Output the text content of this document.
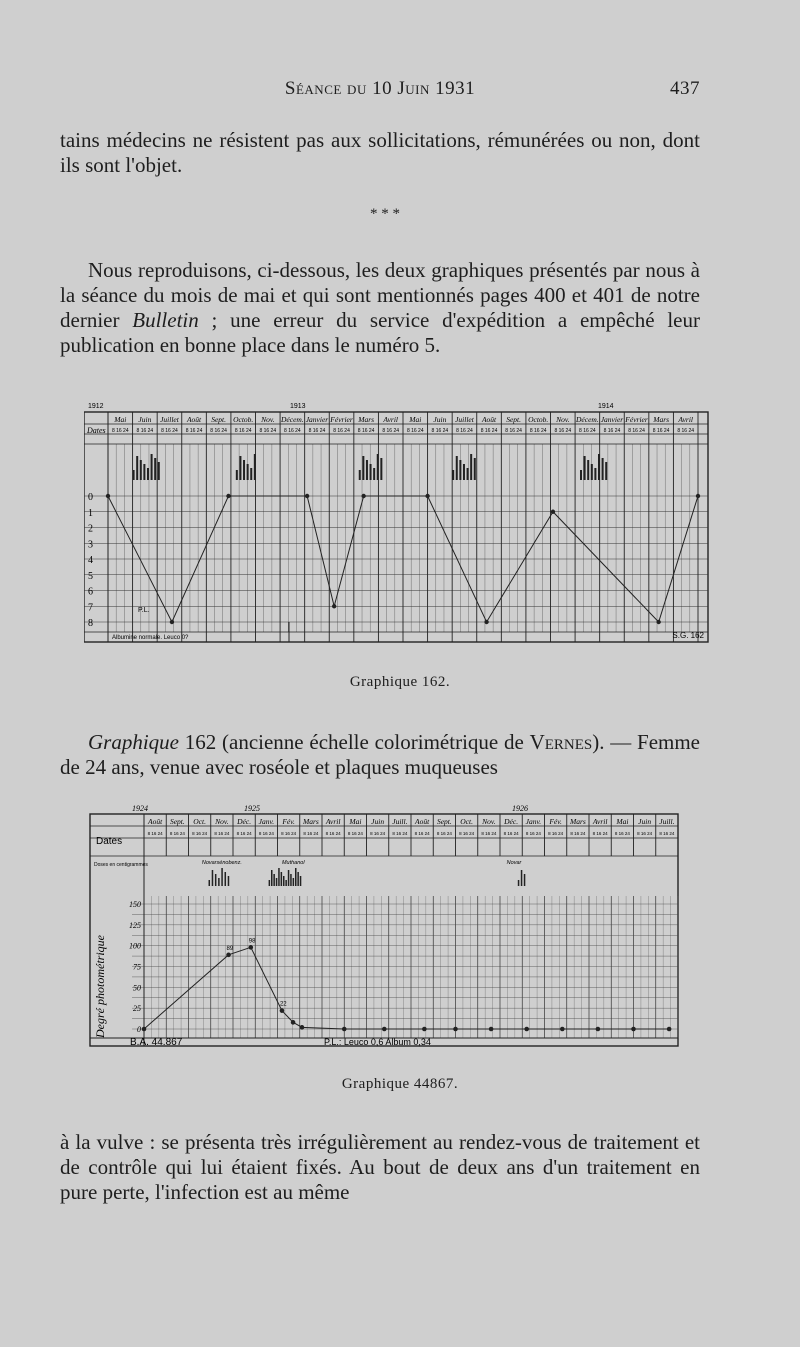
Séance du 10 Juin 1931	437

tains médecins ne résistent pas aux sollicitations, rémunérées ou non, dont ils sont l'objet.

* * *

Nous reproduisons, ci-dessous, les deux graphiques présentés par nous à la séance du mois de mai et qui sont mentionnés pages 400 et 401 de notre dernier Bulletin ; une erreur du service d'expédition a empêché leur publication en bonne place dans le numéro 5.

1912	1913	1914
Dates
Mai
8 16 24
Juin
8 16 24
Juillet
8 16 24
Août
8 16 24
Sept.
8 16 24
Octob.
8 16 24
Nov.
8 16 24
Décem.
8 16 24
Janvier
8 16 24
Février
8 16 24
Mars
8 16 24
Avril
8 16 24
Mai
8 16 24
Juin
8 16 24
Juillet
8 16 24
Août
8 16 24
Sept.
8 16 24
Octob.
8 16 24
Nov.
8 16 24
Décem.
8 16 24
Janvier
8 16 24
Février
8 16 24
Mars
8 16 24
Avril
8 16 24
0
1
2
3
4
5
6
7
8
Albumine normale. Leuco 0?
P.L.
S.G. 162
Graphique 162.

Graphique 162 (ancienne échelle colorimétrique de Vernes). — Femme de 24 ans, venue avec roséole et plaques muqueuses

1924	1925	1926
Dates
Doses en centigrammes
Août
8 16 24
Sept.
8 16 24
Oct.
8 16 24
Nov.
8 16 24
Déc.
8 16 24
Janv.
8 16 24
Fév.
8 16 24
Mars
8 16 24
Avril
8 16 24
Mai
8 16 24
Juin
8 16 24
Juill.
8 16 24
Août
8 16 24
Sept.
8 16 24
Oct.
8 16 24
Nov.
8 16 24
Déc.
8 16 24
Janv.
8 16 24
Fév.
8 16 24
Mars
8 16 24
Avril
8 16 24
Mai
8 16 24
Juin
8 16 24
Juill.
8 16 24
0
25
50
75
100
125
150
Degré photométrique
Novarsénobenz.	Muthanol	Novar
89
98
22
B.A. 44.867	P.L.: Leuco 0,6 Album 0,34
Graphique 44867.

à la vulve : se présenta très irrégulièrement au rendez-vous de traitement et de contrôle qui lui étaient fixés. Au bout de deux ans d'un traitement en pure perte, l'infection est au même
